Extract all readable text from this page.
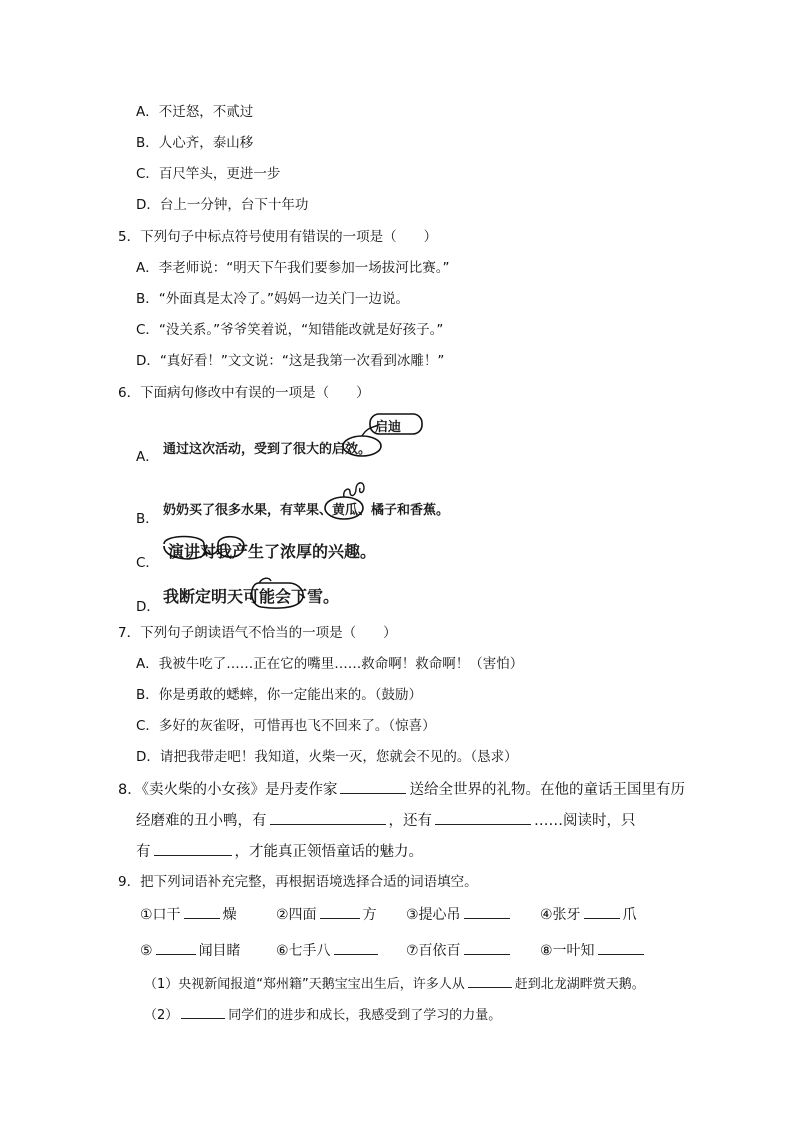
A．不迁怒，不贰过
B．人心齐，泰山移
C．百尺竿头，更进一步
D．台上一分钟，台下十年功
5．下列句子中标点符号使用有错误的一项是（　　）
A．李老师说：“明天下午我们要参加一场拔河比赛。”
B．“外面真是太冷了。”妈妈一边关门一边说。
C．“没关系。”爷爷笑着说，“知错能改就是好孩子。”
D．“真好看！”文文说：“这是我第一次看到冰雕！”
6．下面病句修改中有误的一项是（　　）
A． 通过这次活动，受到了很大的启效。
启迪
B．
奶奶买了很多水果，有苹果、黄瓜、橘子和香蕉。
C．
演讲对我产生了浓厚的兴趣。
D．
我断定明天可能会下雪。
7．下列句子朗读语气不恰当的一项是（　　）
A．我被牛吃了……正在它的嘴里……救命啊！救命啊！（害怕）
B．你是勇敢的蟋蟀，你一定能出来的。（鼓励）
C．多好的灰雀呀，可惜再也飞不回来了。（惊喜）
D．请把我带走吧！我知道，火柴一灭，您就会不见的。（恳求）
8．《卖火柴的小女孩》是丹麦作家	送给全世界的礼物。在他的童话王国里有历
经磨难的丑小鸭，有	，还有	……阅读时，只
有	，才能真正领悟童话的魅力。
9．把下列词语补充完整，再根据语境选择合适的词语填空。
①口干	燥	②四面	方 ③提心吊	④张牙	爪
⑤	闻目睹	⑥七手八	⑦百依百	⑧一叶知
（1）央视新闻报道“郑州籍”天鹅宝宝出生后，许多人从	赶到北龙湖畔赏天鹅。
（2）	同学们的进步和成长，我感受到了学习的力量。
